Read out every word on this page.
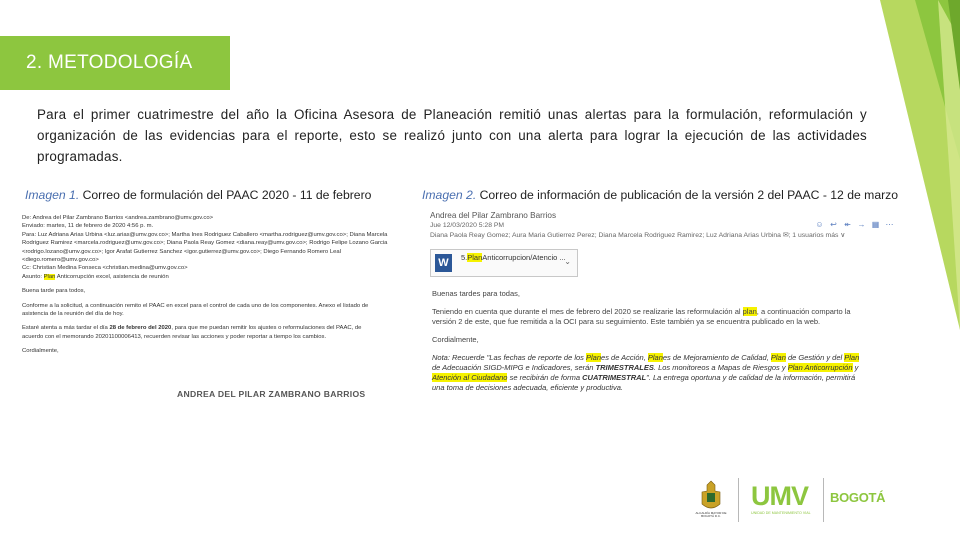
2. METODOLOGÍA
Para el primer cuatrimestre del año la Oficina Asesora de Planeación remitió unas alertas para la formulación, reformulación y organización de las evidencias para el reporte, esto se realizó junto con una alerta para lograr la ejecución de las actividades programadas.
Imagen 1. Correo de formulación del PAAC 2020 - 11 de febrero	Imagen 2. Correo de información de publicación de la versión 2 del PAAC - 12 de marzo
De: Andrea del Pilar Zambrano Barrios <andrea.zambrano@umv.gov.co>
Enviado: martes, 11 de febrero de 2020 4:56 p. m.
Para: Luz Adriana Arias Urbina <luz.arias@umv.gov.co>; Martha Ines Rodriguez Caballero <martha.rodriguez@umv.gov.co>; Diana Marcela
Rodriguez Ramirez <marcela.rodriguez@umv.gov.co>; Diana Paola Reay Gomez <diana.reay@umv.gov.co>; Rodrigo Felipe Lozano Garcia
<rodrigo.lozano@umv.gov.co>; Igor Arafat Gutierrez Sanchez <igor.gutierrez@umv.gov.co>; Diego Fernando Romero Leal
<diego.romero@umv.gov.co>
Cc: Christian Medina Fonseca <christian.medina@umv.gov.co>
Asunto: Plan Anticorrupción excel, asistencia de reunión
Buena tarde para todos,
Conforme a la solicitud, a continuación remito el PAAC en excel para el control de cada uno de los componentes. Anexo el listado de
asistencia de la reunión del día de hoy.
Estaré atenta a más tardar el día 28 de febrero del 2020, para que me puedan remitir los ajustes o reformulaciones del PAAC, de
acuerdo con el memorando 20201100006413, recuerden revisar las acciones y poder reportar a tiempo los cambios.
Cordialmente,
ANDREA DEL PILAR ZAMBRANO BARRIOS
Andrea del Pilar Zambrano Barrios
Jue 12/03/2020 5:28 PM
Diana Paola Reay Gomez; Aura Maria Gutierrez Perez; Diana Marcela Rodriguez Ramirez; Luz Adriana Arias Urbina ✉; 1 usuarios más ∨
☺ ↩ ↞ → ▦ ⋯
W	5.PlanAnticorrupcion/Atencio ...
⌄
Buenas tardes para todas,
Teniendo en cuenta que durante el mes de febrero del 2020 se realizarie las reformulación al plan, a continuación comparto la
versión 2 de este, que fue remitida a la OCI para su seguimiento. Este también ya se encuentra publicado en la web.
Cordialmente,
Nota: Recuerde "Las fechas de reporte de los Planes de Acción, Planes de Mejoramiento de Calidad, Plan de Gestión y del Plan
de Adecuación SIGD-MIPG e Indicadores, serán TRIMESTRALES. Los monitoreos a Mapas de Riesgos y Plan Anticorrupción y
Atención al Ciudadano se recibirán de forma CUATRIMESTRAL". La entrega oportuna y de calidad de la información, permitirá
una toma de decisiones adecuada, eficiente y productiva.
ALCALDÍA MAYOR DE BOGOTÁ D.C.
UMV
UNIDAD DE MANTENIMIENTO VIAL
BOGOTÁ
